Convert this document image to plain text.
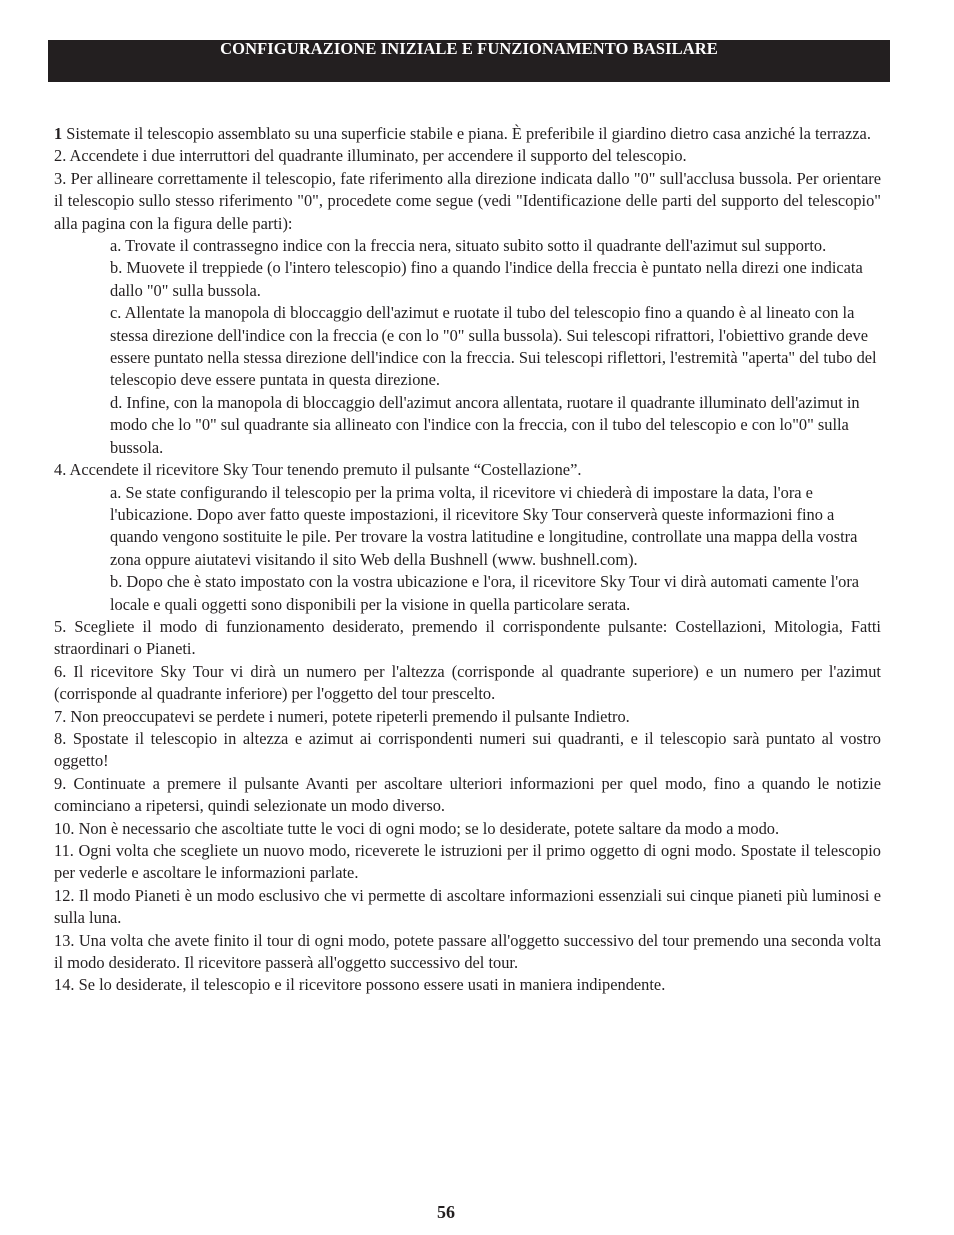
CONFIGURAZIONE INIZIALE E FUNZIONAMENTO BASILARE

1 Sistemate il telescopio assemblato su una superficie stabile e piana. È preferibile il giardino dietro casa anziché la terrazza.

2. Accendete i due interruttori del quadrante illuminato, per accendere il supporto del telescopio.

3. Per allineare correttamente il telescopio, fate riferimento alla direzione indicata dallo "0" sull'acclusa bussola. Per orientare il telescopio sullo stesso riferimento "0", procedete come segue (vedi "Identificazione delle parti del supporto del telescopio" alla pagina con la figura delle parti):

a. Trovate il contrassegno indice con la freccia nera, situato subito sotto il quadrante dell'azimut sul supporto.

b. Muovete il treppiede (o l'intero telescopio) fino a quando l'indice della freccia è puntato nella direzi one indicata dallo "0" sulla bussola.

c. Allentate la manopola di bloccaggio dell'azimut e ruotate il tubo del telescopio fino a quando è al lineato con la stessa direzione dell'indice con la freccia (e con lo "0" sulla bussola). Sui telescopi rifrattori, l'obiettivo grande deve essere puntato nella stessa direzione dell'indice con la freccia. Sui telescopi riflettori, l'estremità "aperta" del tubo del telescopio deve essere puntata in questa direzione.

d. Infine, con la manopola di bloccaggio dell'azimut ancora allentata, ruotare il quadrante illuminato dell'azimut in modo che lo "0" sul quadrante sia allineato con l'indice con la freccia, con il tubo del telescopio e con lo"0" sulla bussola.

4. Accendete il ricevitore Sky Tour tenendo premuto il pulsante “Costellazione”.

a. Se state configurando il telescopio per la prima volta, il ricevitore vi chiederà di impostare la data, l'ora e l'ubicazione. Dopo aver fatto queste impostazioni, il ricevitore Sky Tour conserverà queste informazioni fino a quando vengono sostituite le pile. Per trovare la vostra latitudine e longitudine, controllate una mappa della vostra zona oppure aiutatevi visitando il sito Web della Bushnell (www. bushnell.com).

b. Dopo che è stato impostato con la vostra ubicazione e l'ora, il ricevitore Sky Tour vi dirà automati camente l'ora locale e quali oggetti sono disponibili per la visione in quella particolare serata.

5. Scegliete il modo di funzionamento desiderato, premendo il corrispondente pulsante: Costellazioni, Mitologia, Fatti straordinari o Pianeti.

6. Il ricevitore Sky Tour vi dirà un numero per l'altezza (corrisponde al quadrante superiore) e un numero per l'azimut (corrisponde al quadrante inferiore) per l'oggetto del tour prescelto.

7. Non preoccupatevi se perdete i numeri, potete ripeterli premendo il pulsante Indietro.

8. Spostate il telescopio in altezza e azimut ai corrispondenti numeri sui quadranti, e il telescopio sarà puntato al vostro oggetto!

9. Continuate a premere il pulsante Avanti per ascoltare ulteriori informazioni per quel modo, fino a quando le notizie cominciano a ripetersi, quindi selezionate un modo diverso.

10. Non è necessario che ascoltiate tutte le voci di ogni modo; se lo desiderate, potete saltare da modo a modo.

11. Ogni volta che scegliete un nuovo modo, riceverete le istruzioni per il primo oggetto di ogni modo. Spostate il telescopio per vederle e ascoltare le informazioni parlate.

12. Il modo Pianeti è un modo esclusivo che vi permette di ascoltare informazioni essenziali sui cinque pianeti più luminosi e sulla luna.

13. Una volta che avete finito il tour di ogni modo, potete passare all'oggetto successivo del tour premendo una seconda volta il modo desiderato. Il ricevitore passerà all'oggetto successivo del tour.

14. Se lo desiderate, il telescopio e il ricevitore possono essere usati in maniera indipendente.

56
